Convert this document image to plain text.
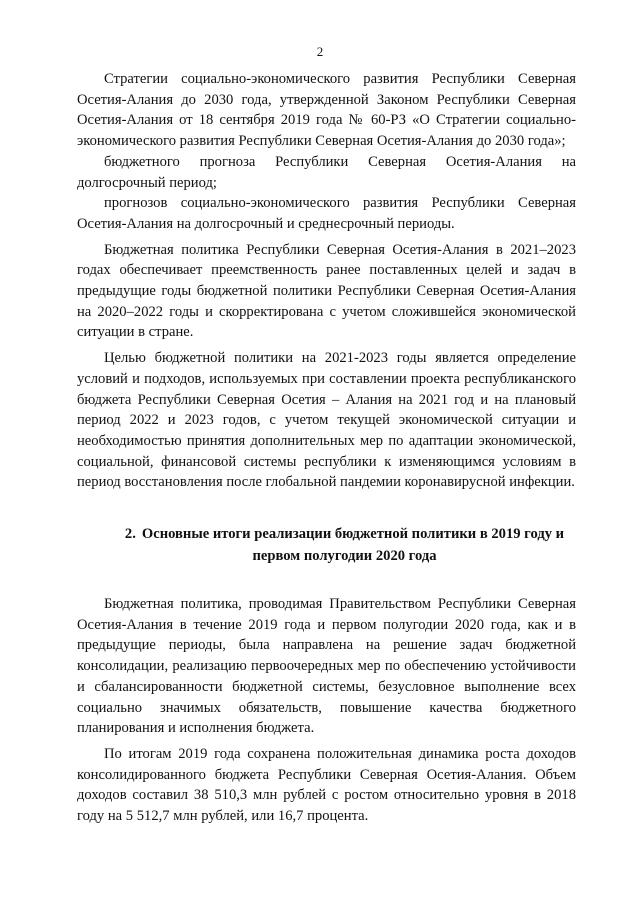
2

Стратегии социально-экономического развития Республики Северная Осетия-Алания до 2030 года, утвержденной Законом Республики Северная Осетия-Алания от 18 сентября 2019 года № 60-РЗ «О Стратегии социально-экономического развития Республики Северная Осетия-Алания до 2030 года»;

бюджетного прогноза Республики Северная Осетия-Алания на долгосрочный период;

прогнозов социально-экономического развития Республики Северная Осетия-Алания на долгосрочный и среднесрочный периоды.

Бюджетная политика Республики Северная Осетия-Алания в 2021–2023 годах обеспечивает преемственность ранее поставленных целей и задач в предыдущие годы бюджетной политики Республики Северная Осетия-Алания на 2020–2022 годы и скорректирована с учетом сложившейся экономической ситуации в стране.

Целью бюджетной политики на 2021-2023 годы является определение условий и подходов, используемых при составлении проекта республиканского бюджета Республики Северная Осетия – Алания на 2021 год и на плановый период 2022 и 2023 годов, с учетом текущей экономической ситуации и необходимостью принятия дополнительных мер по адаптации экономической, социальной, финансовой системы республики к изменяющимся условиям в период восстановления после глобальной пандемии коронавирусной инфекции.

2. Основные итоги реализации бюджетной политики в 2019 году и
первом полугодии 2020 года

Бюджетная политика, проводимая Правительством Республики Северная Осетия-Алания в течение 2019 года и первом полугодии 2020 года, как и в предыдущие периоды, была направлена на решение задач бюджетной консолидации, реализацию первоочередных мер по обеспечению устойчивости и сбалансированности бюджетной системы, безусловное выполнение всех социально значимых обязательств, повышение качества бюджетного планирования и исполнения бюджета.

По итогам 2019 года сохранена положительная динамика роста доходов консолидированного бюджета Республики Северная Осетия-Алания. Объем доходов составил 38 510,3 млн рублей с ростом относительно уровня в 2018 году на 5 512,7 млн рублей, или 16,7 процента.
